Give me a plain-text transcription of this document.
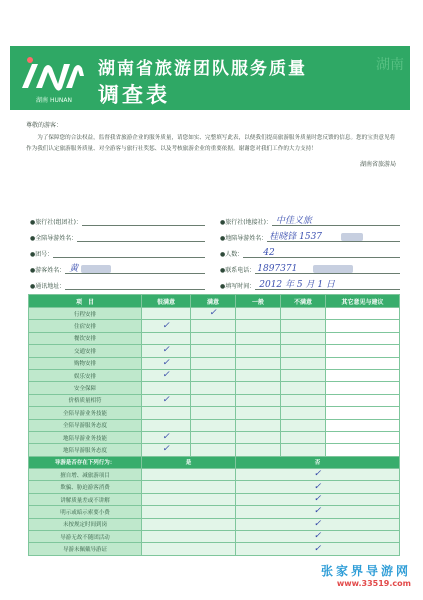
湖南 HUNAN
湖南省旅游团队服务质量
调查表
湖南
尊敬的游客：
为了保障您的合法权益，监督我省旅游企业的服务质量，请您如实、完整填写此表，以便我们提高旅游服务质量时您反馈的信息。您的宝贵意见将作为我们认定旅游服务质量、对全游客与旅行社奖惩、以及考核旅游企业的重要依据。谢谢您对我们工作的大力支持！
湖南省旅游局
●旅行社(组团社)：
●全陪导游姓名：
●团号：
●游客姓名： 黄
●通讯地址：
●旅行社(地接社)： 中佳义旅
●地陪导游姓名： 桂晓锋 1537
●人数： 42
●联系电话： 1897371
●填写时间： 2012 年 5 月 1 日
项　目	很满意	满意	一般	不满意	其它意见与建议
行程安排		✓			
住宿安排	✓				
餐饮安排					
交通安排	✓				
购物安排	✓				
娱乐安排	✓				
安全保障					
价格质量相符	✓				
全陪导游业务技能					
全陪导游服务态度					
地陪导游业务技能	✓				
地陪导游服务态度	✓				
导游是否存在下列行为：	是		否		
擅自增、减旅游项目			✓		
欺骗、胁迫游客消费			✓		
讲解质量差或不讲解			✓		
明示或暗示索要小费			✓		
未按规定时间到岗			✓		
导游无故不随团活动			✓		
导游未佩戴导游证			✓		
张家界导游网
www.33519.com
